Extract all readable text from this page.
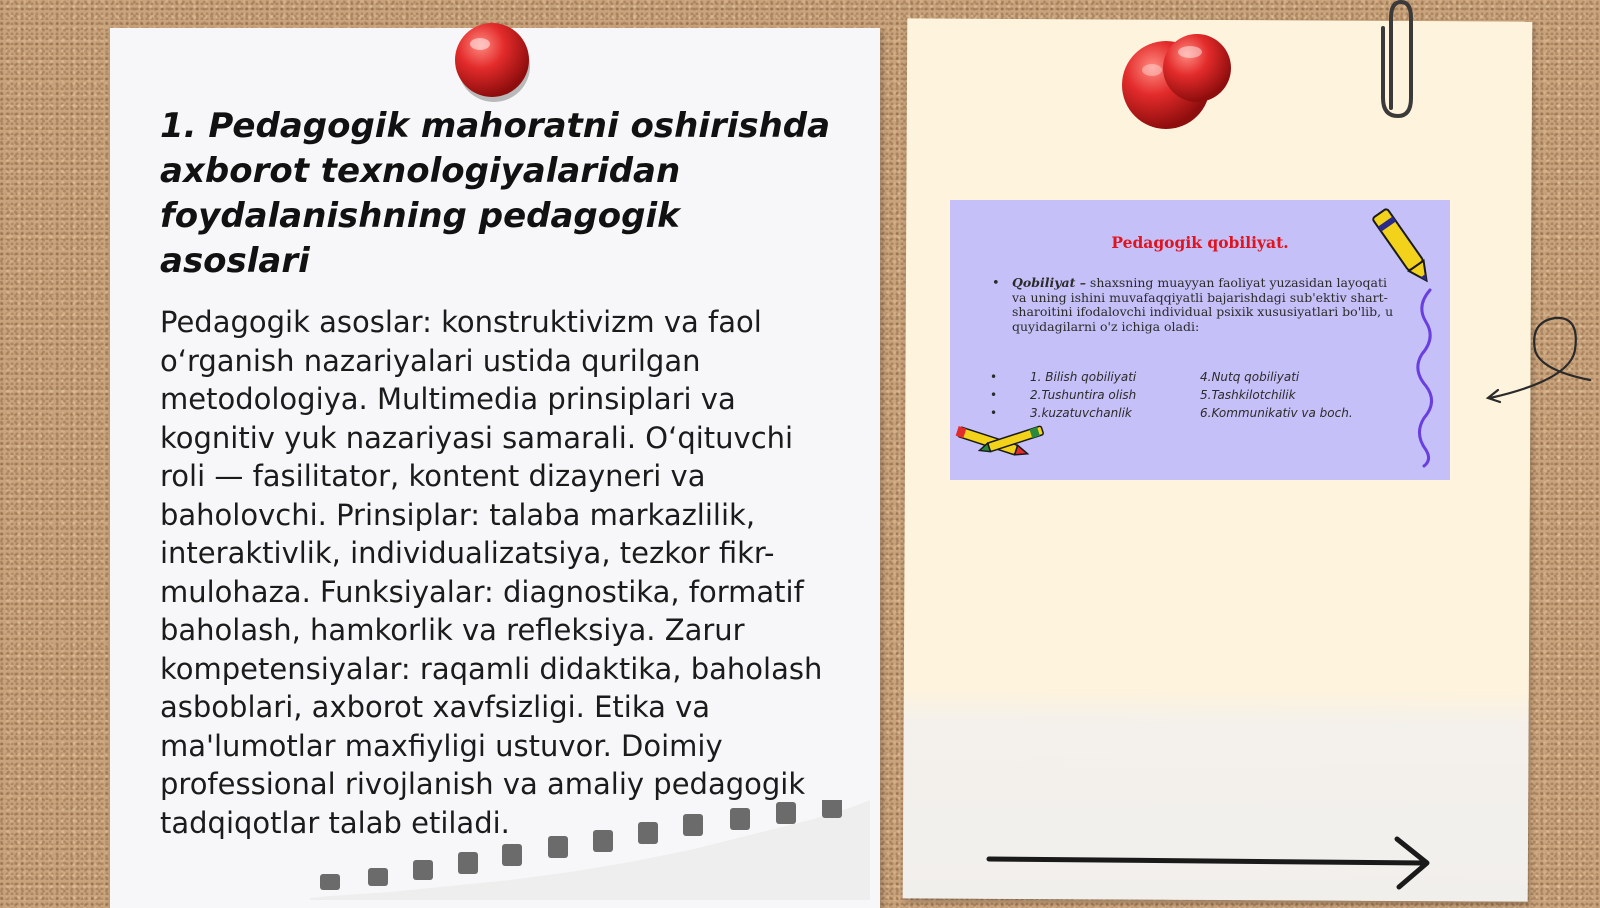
1. Pedagogik mahoratni oshirishda axborot texnologiyalaridan foydalanishning pedagogik asoslari

Pedagogik asoslar: konstruktivizm va faol o‘rganish nazariyalari ustida qurilgan metodologiya. Multimedia prinsiplari va kognitiv yuk nazariyasi samarali. O‘qituvchi roli — fasilitator, kontent dizayneri va baholovchi. Prinsiplar: talaba markazlilik, interaktivlik, individualizatsiya, tezkor fikr-mulohaza. Funksiyalar: diagnostika, formatif baholash, hamkorlik va refleksiya. Zarur kompetensiyalar: raqamli didaktika, baholash asboblari, axborot xavfsizligi. Etika va ma'lumotlar maxfiyligi ustuvor. Doimiy professional rivojlanish va amaliy pedagogik tadqiqotlar talab etiladi.

Pedagogik qobiliyat.
• Qobiliyat – shaxsning muayyan faoliyat yuzasidan layoqati va uning ishini muvafaqqiyatli bajarishdagi sub'ektiv shart-sharoitini ifodalovchi individual psixik xususiyatlari bo'lib, u quyidagilarni o'z ichiga oladi:

•	1. Bilish qobiliyati	4.Nutq qobiliyati
•	2.Tushuntira olish	5.Tashkilotchilik
•	3.kuzatuvchanlik	6.Kommunikativ va boch.
